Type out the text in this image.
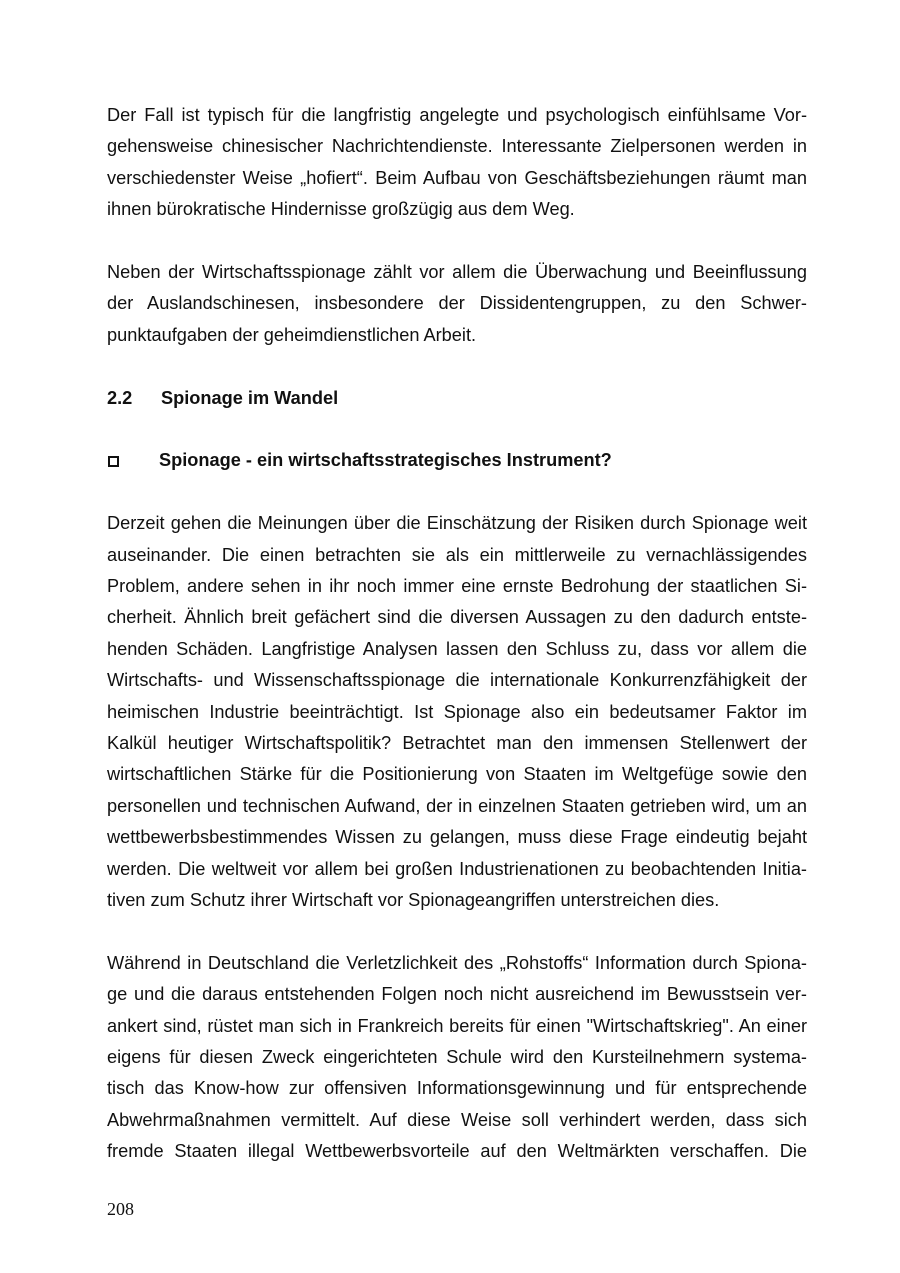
Der Fall ist typisch für die langfristig angelegte und psychologisch einfühlsame Vor-
gehensweise chinesischer Nachrichtendienste. Interessante Zielpersonen werden in
verschiedenster Weise „hofiert“. Beim Aufbau von Geschäftsbeziehungen räumt man
ihnen bürokratische Hindernisse großzügig aus dem Weg.

Neben der Wirtschaftsspionage zählt vor allem die Überwachung und Beeinflussung
der Auslandschinesen, insbesondere der Dissidentengruppen, zu den Schwer-
punktaufgaben der geheimdienstlichen Arbeit.

2.2	Spionage im Wandel
Spionage - ein wirtschaftsstrategisches Instrument?

Derzeit gehen die Meinungen über die Einschätzung der Risiken durch Spionage weit
auseinander. Die einen betrachten sie als ein mittlerweile zu vernachlässigendes
Problem, andere sehen in ihr noch immer eine ernste Bedrohung der staatlichen Si-
cherheit. Ähnlich breit gefächert sind die diversen Aussagen zu den dadurch entste-
henden Schäden. Langfristige Analysen lassen den Schluss zu, dass vor allem die
Wirtschafts- und Wissenschaftsspionage die internationale Konkurrenzfähigkeit der
heimischen Industrie beeinträchtigt. Ist Spionage also ein bedeutsamer Faktor im
Kalkül heutiger Wirtschaftspolitik? Betrachtet man den immensen Stellenwert der
wirtschaftlichen Stärke für die Positionierung von Staaten im Weltgefüge sowie den
personellen und technischen Aufwand, der in einzelnen Staaten getrieben wird, um an
wettbewerbsbestimmendes Wissen zu gelangen, muss diese Frage eindeutig bejaht
werden. Die weltweit vor allem bei großen Industrienationen zu beobachtenden Initia-
tiven zum Schutz ihrer Wirtschaft vor Spionageangriffen unterstreichen dies.

Während in Deutschland die Verletzlichkeit des „Rohstoffs“ Information durch Spiona-
ge und die daraus entstehenden Folgen noch nicht ausreichend im Bewusstsein ver-
ankert sind, rüstet man sich in Frankreich bereits für einen "Wirtschaftskrieg". An einer
eigens für diesen Zweck eingerichteten Schule wird den Kursteilnehmern systema-
tisch das Know-how zur offensiven Informationsgewinnung und für entsprechende
Abwehrmaßnahmen vermittelt. Auf diese Weise soll verhindert werden, dass sich
fremde Staaten illegal Wettbewerbsvorteile auf den Weltmärkten verschaffen. Die

208
